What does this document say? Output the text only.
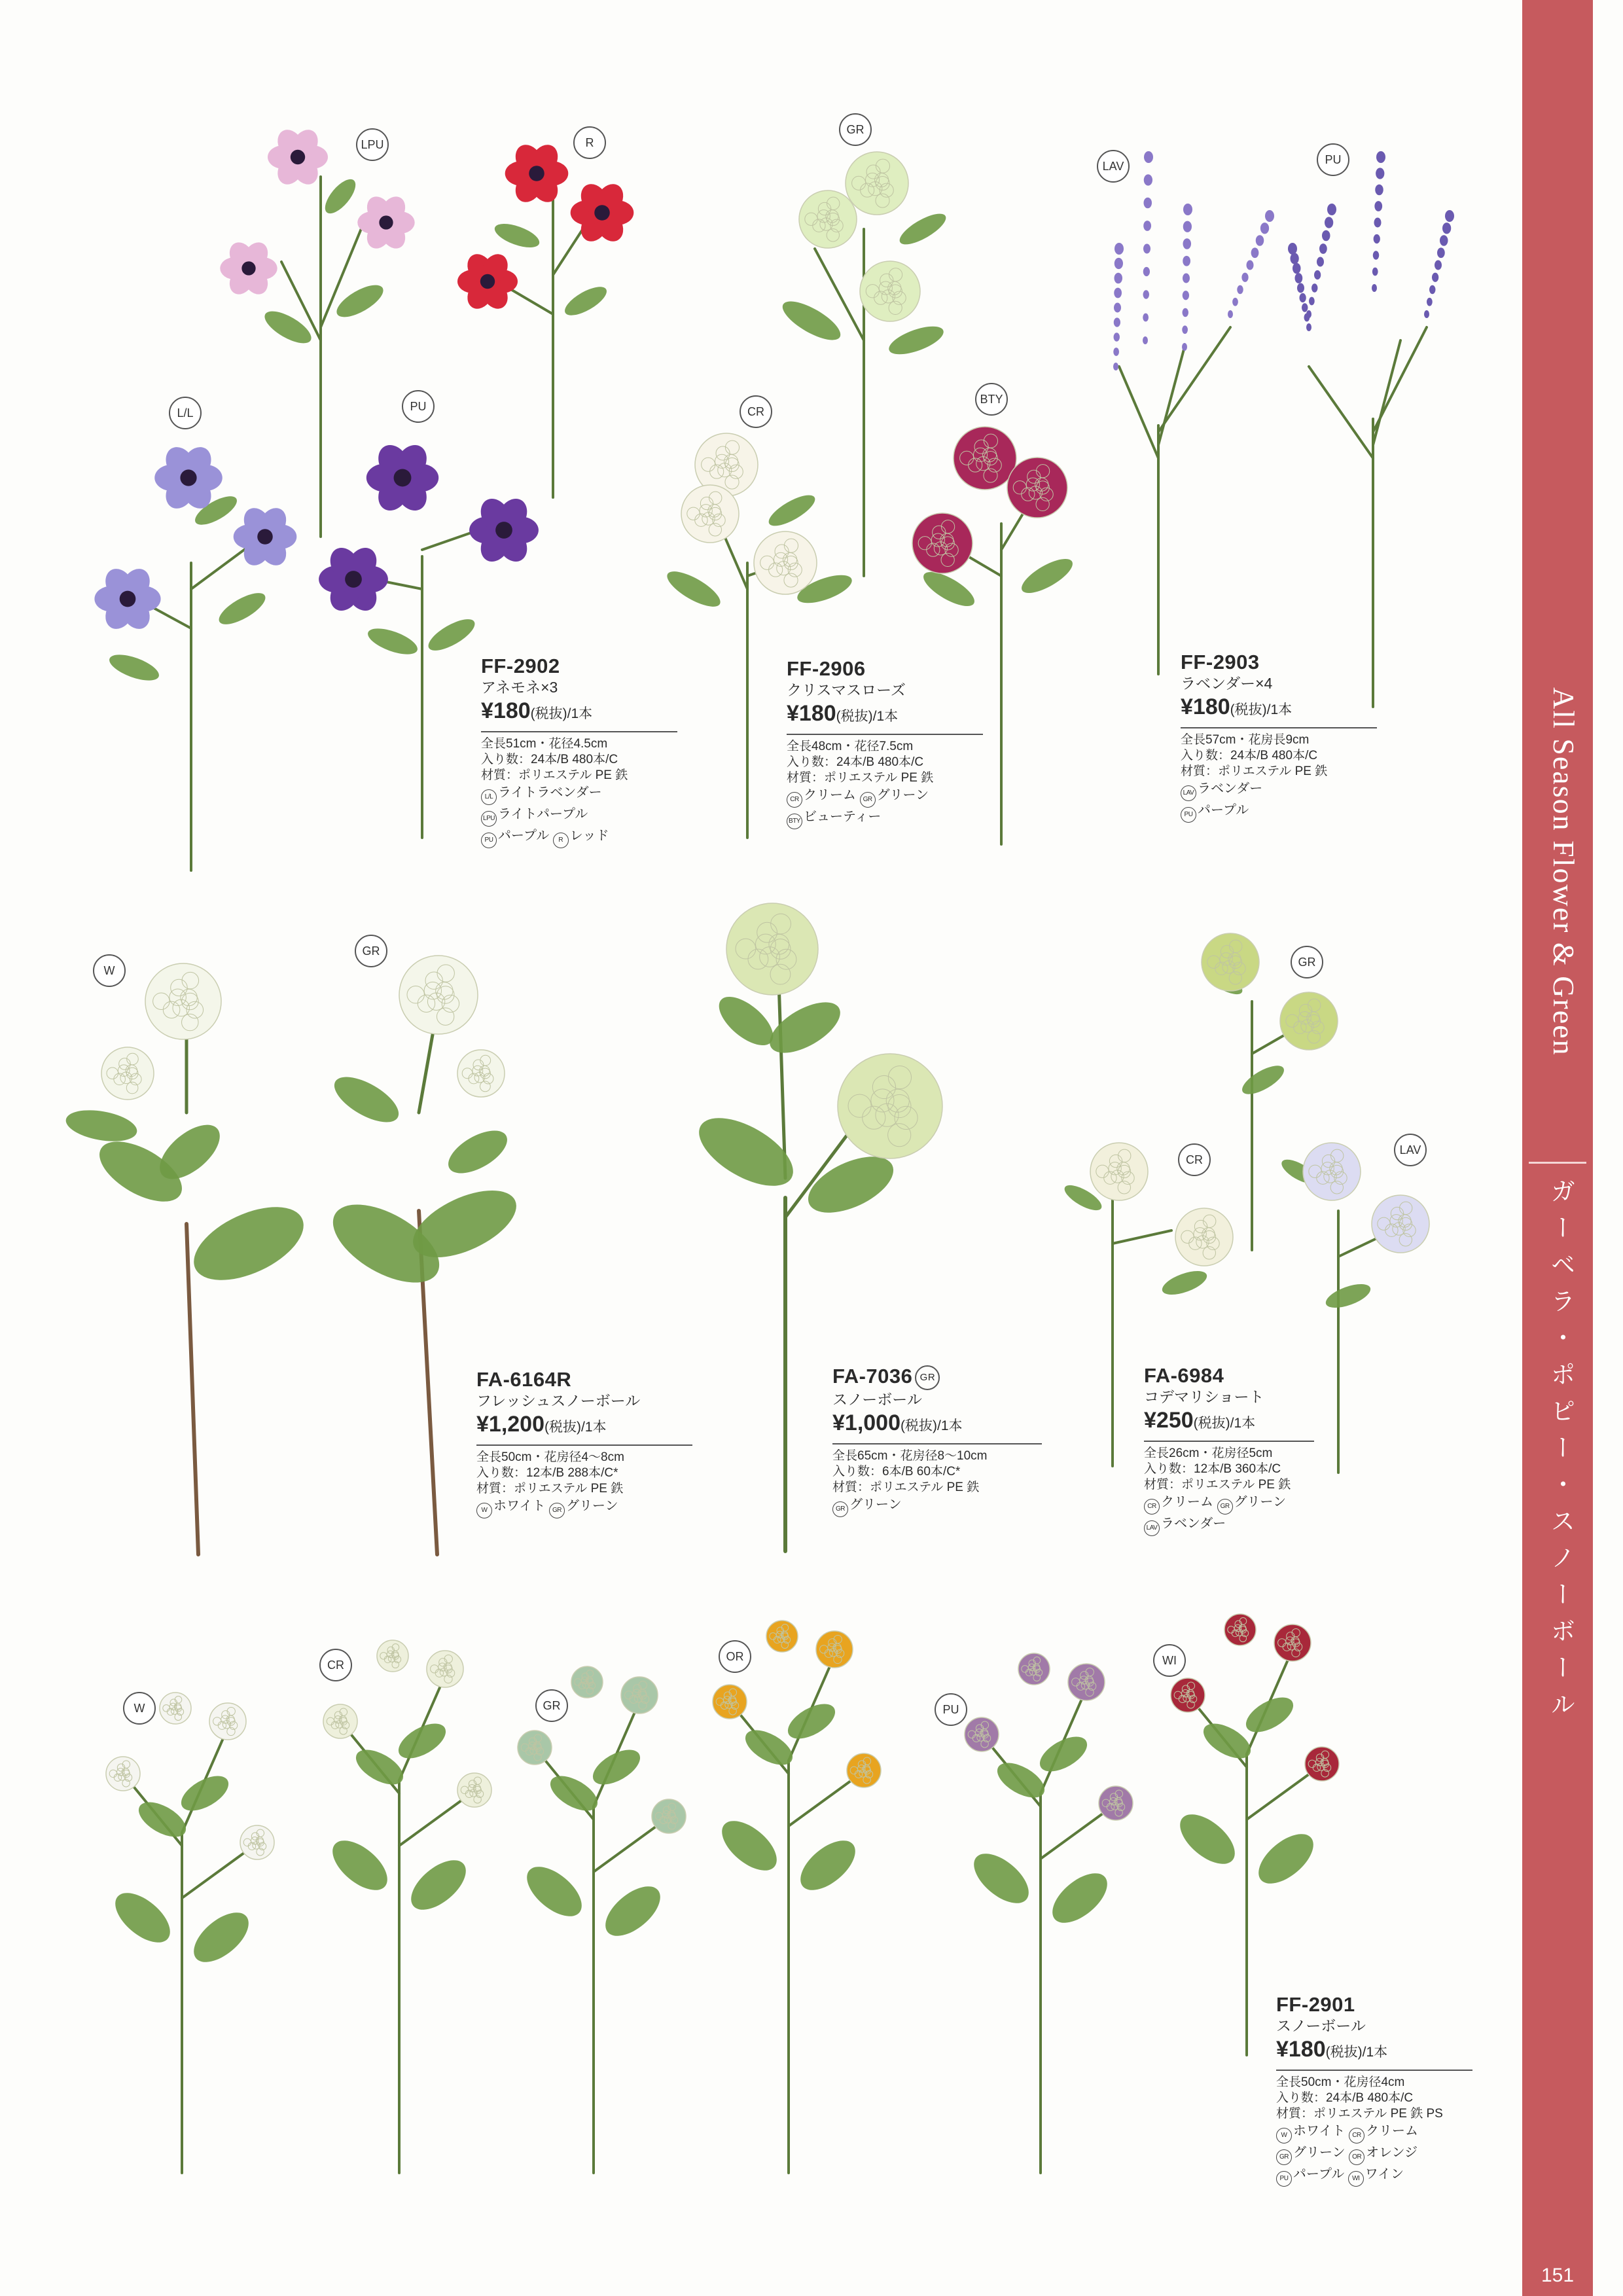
LPU	R
L/L	PU
GR
CR
BTY
LAV	PU
W
GR
GR
CR
LAV
W
CR
GR
OR
PU
WI
FF-2902
アネモネ×3
¥180(税抜)/1本
全長51cm・花径4.5cm
入り数：24本/B 480本/C
材質：ポリエステル PE 鉄
L/L ライトラベンダー
LPU ライトパープル
PU パープル R レッド
FF-2906
クリスマスローズ
¥180(税抜)/1本
全長48cm・花径7.5cm
入り数：24本/B 480本/C
材質：ポリエステル PE 鉄
CR クリーム GR グリーン
BTY ビューティー
FF-2903
ラベンダー×4
¥180(税抜)/1本
全長57cm・花房長9cm
入り数：24本/B 480本/C
材質：ポリエステル PE 鉄
LAV ラベンダー
PU パープル
FA-6164R
フレッシュスノーボール
¥1,200(税抜)/1本
全長50cm・花房径4〜8cm
入り数：12本/B 288本/C*
材質：ポリエステル PE 鉄
W ホワイト GR グリーン
FA-7036 GR
スノーボール
¥1,000(税抜)/1本
全長65cm・花房径8〜10cm
入り数：6本/B 60本/C*
材質：ポリエステル PE 鉄
GR グリーン
FA-6984
コデマリショート
¥250(税抜)/1本
全長26cm・花房径5cm
入り数：12本/B 360本/C
材質：ポリエステル PE 鉄
CR クリーム GR グリーン
LAV ラベンダー
FF-2901
スノーボール
¥180(税抜)/1本
全長50cm・花房径4cm
入り数：24本/B 480本/C
材質：ポリエステル PE 鉄 PS
W ホワイト CR クリーム
GR グリーン OR オレンジ
PU パープル WI ワイン
All Season Flower & Green
ガーベラ・ポピー・スノーボール
151
